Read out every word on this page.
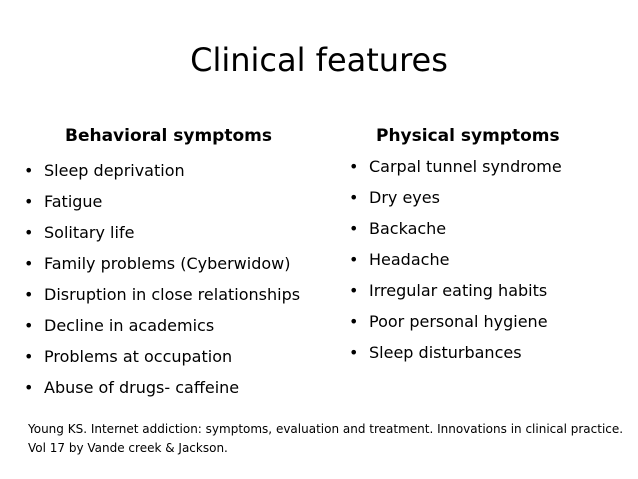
Clinical features
Behavioral symptoms	Physical symptoms
• Sleep deprivation
• Fatigue
• Solitary life
• Family problems (Cyberwidow)
• Disruption in close relationships
• Decline in academics
• Problems at occupation
• Abuse of drugs- caffeine
• Carpal tunnel syndrome
• Dry eyes
• Backache
• Headache
• Irregular eating habits
• Poor personal hygiene
• Sleep disturbances
Young KS. Internet addiction: symptoms, evaluation and treatment. Innovations in clinical practice. Vol 17 by Vande creek & Jackson.
